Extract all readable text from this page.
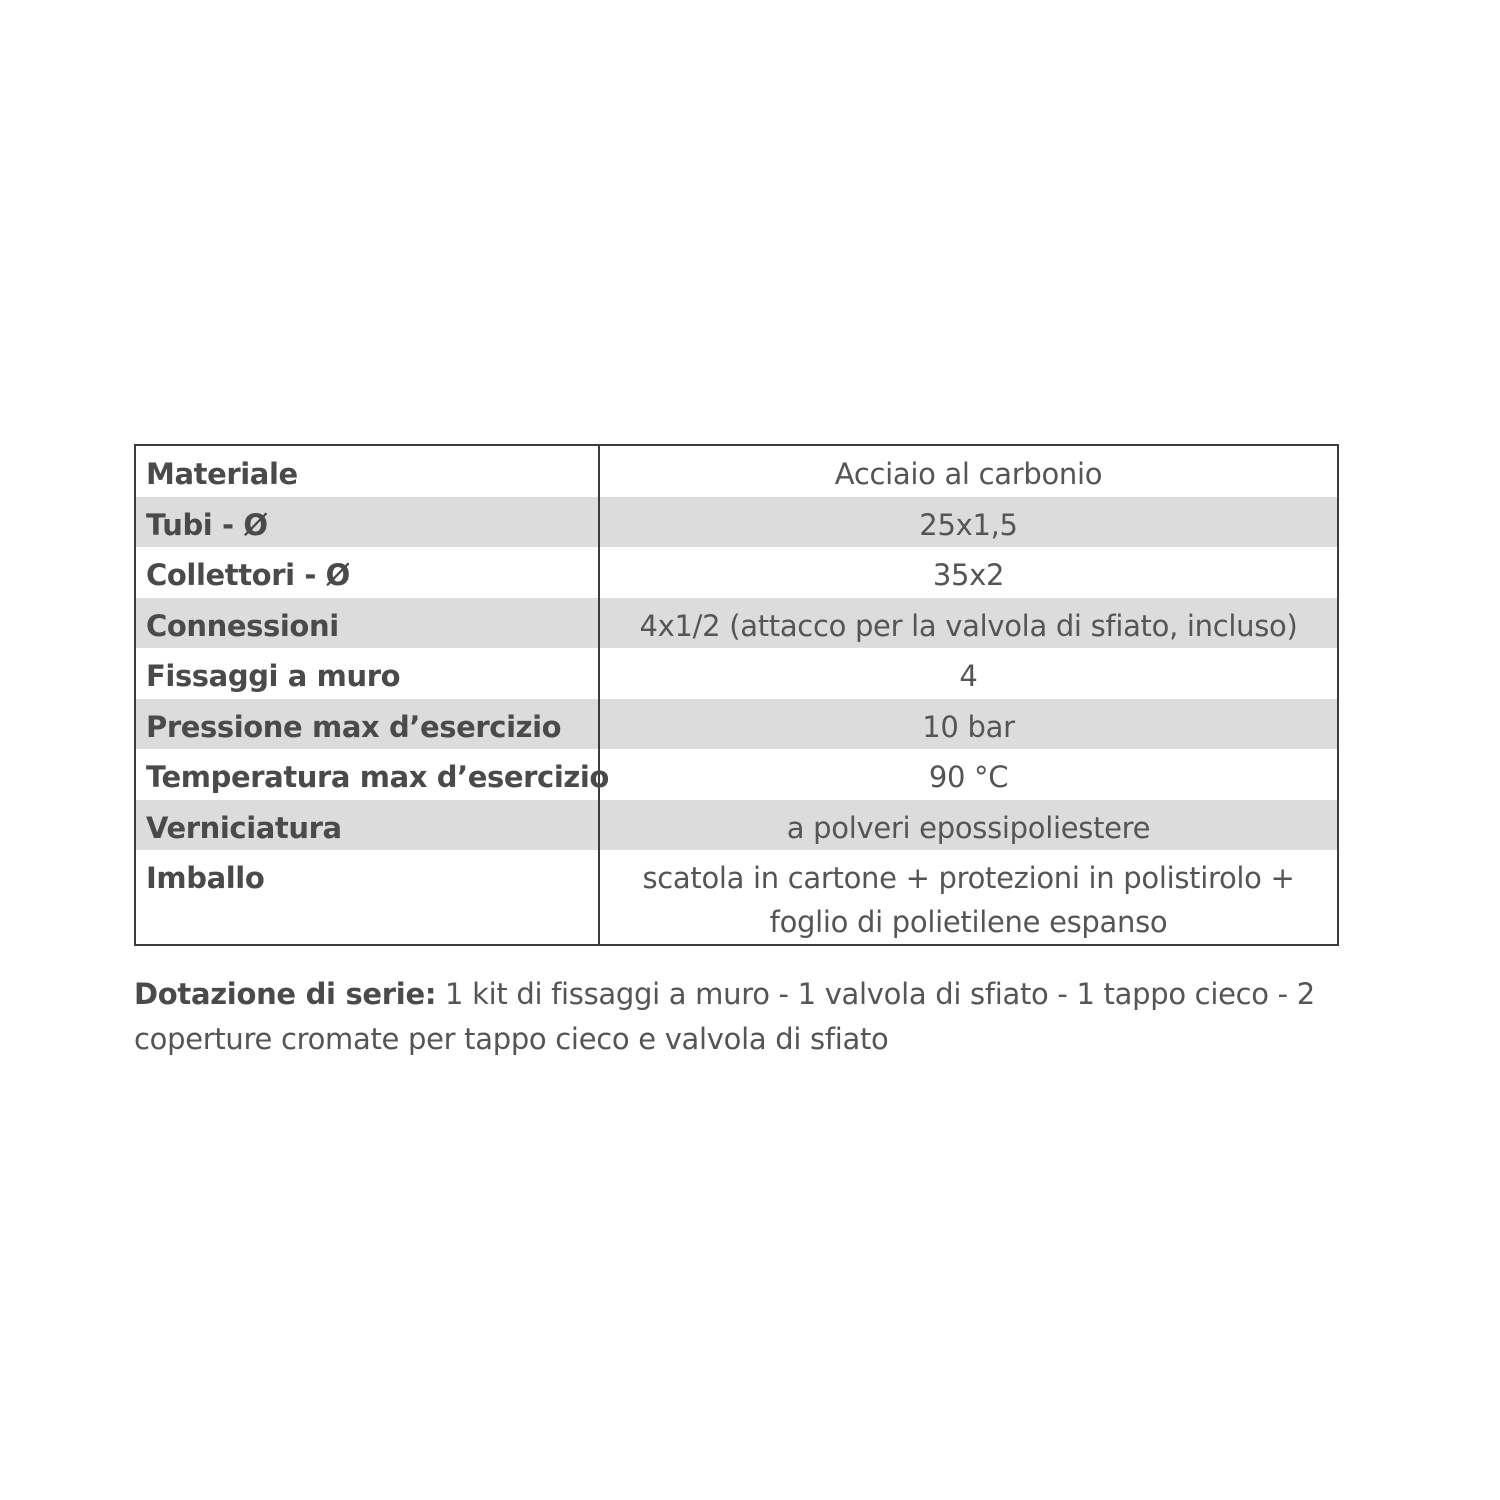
Materiale	Acciaio al carbonio
Tubi - Ø	25x1,5
Collettori - Ø	35x2
Connessioni	4x1/2 (attacco per la valvola di sfiato, incluso)
Fissaggi a muro	4
Pressione max d’esercizio	10 bar
Temperatura max d’esercizio	90 °C
Verniciatura	a polveri epossipoliestere
Imballo	scatola in cartone + protezioni in polistirolo + foglio di polietilene espanso
Dotazione di serie: 1 kit di fissaggi a muro - 1 valvola di sfiato - 1 tappo cieco - 2 coperture cromate per tappo cieco e valvola di sfiato
